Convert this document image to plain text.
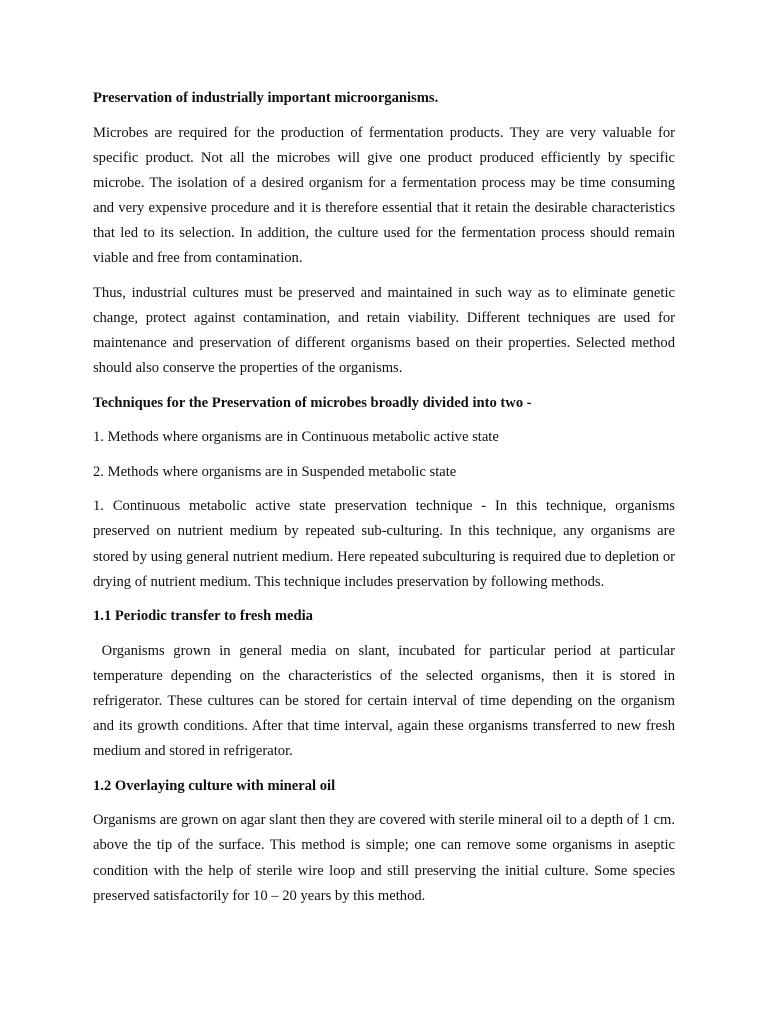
Preservation of industrially important microorganisms.
Microbes are required for the production of fermentation products. They are very valuable for specific product. Not all the microbes will give one product produced efficiently by specific microbe. The isolation of a desired organism for a fermentation process may be time consuming and very expensive procedure and it is therefore essential that it retain the desirable characteristics that led to its selection. In addition, the culture used for the fermentation process should remain viable and free from contamination.
Thus, industrial cultures must be preserved and maintained in such way as to eliminate genetic change, protect against contamination, and retain viability. Different techniques are used for maintenance and preservation of different organisms based on their properties. Selected method should also conserve the properties of the organisms.
Techniques for the Preservation of microbes broadly divided into two -
1. Methods where organisms are in Continuous metabolic active state
2. Methods where organisms are in Suspended metabolic state
1. Continuous metabolic active state preservation technique - In this technique, organisms preserved on nutrient medium by repeated sub-culturing. In this technique, any organisms are stored by using general nutrient medium. Here repeated subculturing is required due to depletion or drying of nutrient medium. This technique includes preservation by following methods.
1.1 Periodic transfer to fresh media
Organisms grown in general media on slant, incubated for particular period at particular temperature depending on the characteristics of the selected organisms, then it is stored in refrigerator. These cultures can be stored for certain interval of time depending on the organism and its growth conditions. After that time interval, again these organisms transferred to new fresh medium and stored in refrigerator.
1.2 Overlaying culture with mineral oil
Organisms are grown on agar slant then they are covered with sterile mineral oil to a depth of 1 cm. above the tip of the surface. This method is simple; one can remove some organisms in aseptic condition with the help of sterile wire loop and still preserving the initial culture. Some species preserved satisfactorily for 10 – 20 years by this method.
